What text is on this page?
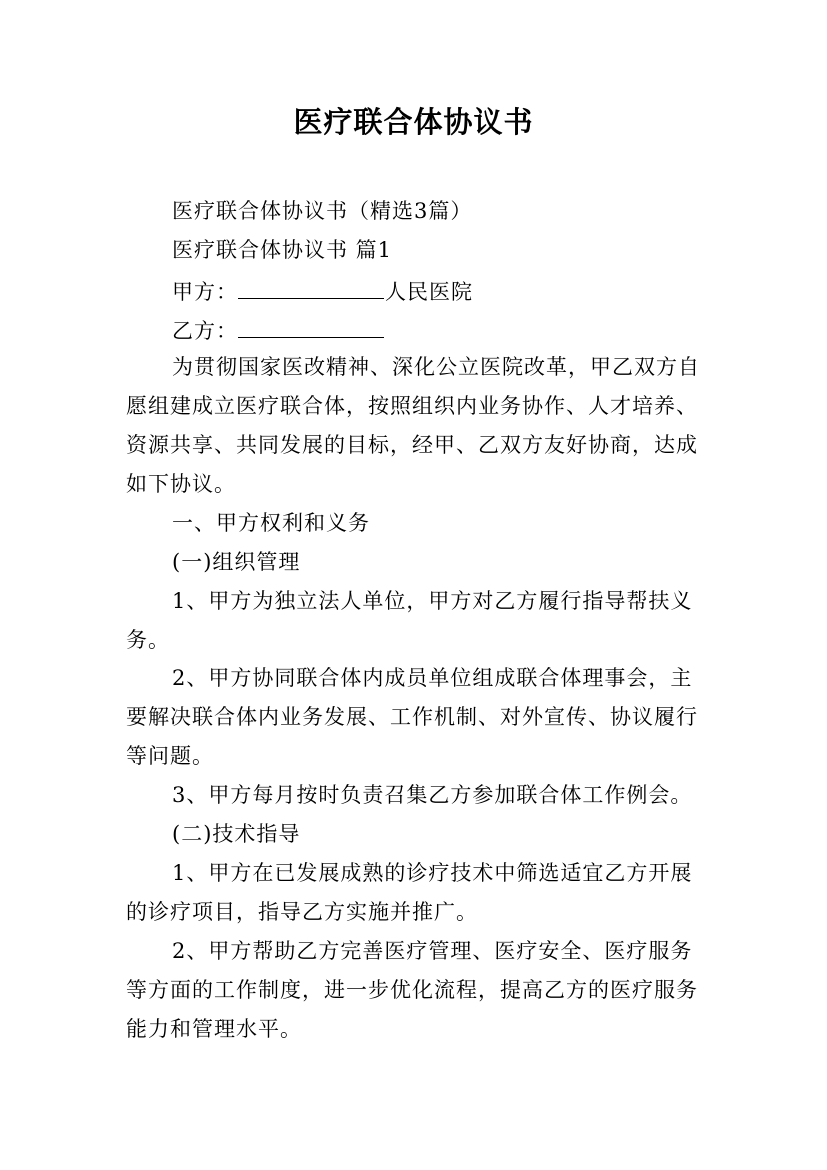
医疗联合体协议书

医疗联合体协议书（精选3篇）

医疗联合体协议书 篇1

甲方：	人民医院

乙方：

为贯彻国家医改精神、深化公立医院改革，甲乙双方自

愿组建成立医疗联合体，按照组织内业务协作、人才培养、

资源共享、共同发展的目标，经甲、乙双方友好协商，达成

如下协议。

一、甲方权利和义务

(一)组织管理

1、甲方为独立法人单位，甲方对乙方履行指导帮扶义

务。

2、甲方协同联合体内成员单位组成联合体理事会，主

要解决联合体内业务发展、工作机制、对外宣传、协议履行

等问题。

3、甲方每月按时负责召集乙方参加联合体工作例会。

(二)技术指导

1、甲方在已发展成熟的诊疗技术中筛选适宜乙方开展

的诊疗项目，指导乙方实施并推广。

2、甲方帮助乙方完善医疗管理、医疗安全、医疗服务

等方面的工作制度，进一步优化流程，提高乙方的医疗服务

能力和管理水平。
